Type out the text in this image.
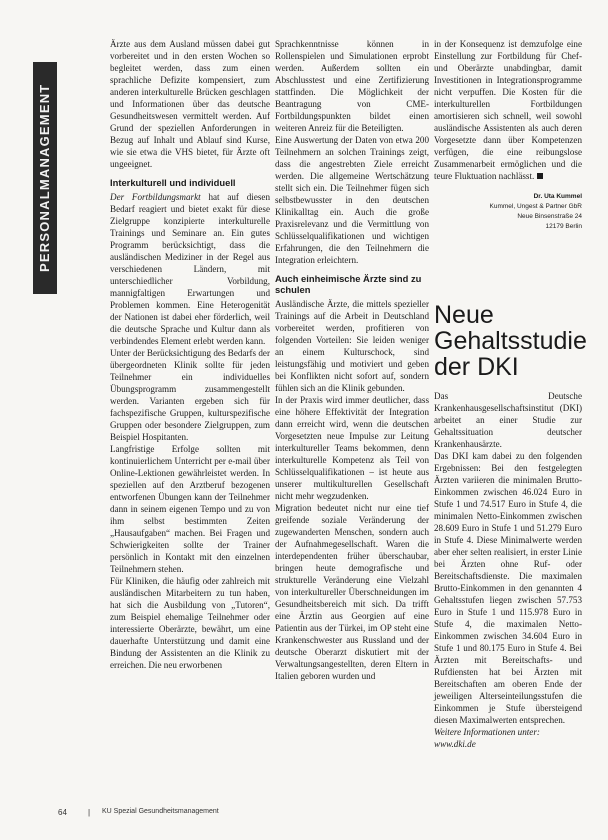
PERSONALMANAGEMENT

Ärzte aus dem Ausland müssen dabei gut vorbereitet und in den ersten Wochen so begleitet werden, dass zum einen sprachliche Defizite kompensiert, zum anderen interkulturelle Brücken geschlagen und Informationen über das deutsche Gesundheitswesen vermittelt werden. Auf Grund der speziellen Anforderungen in Bezug auf Inhalt und Ablauf sind Kurse, wie sie etwa die VHS bietet, für Ärzte oft ungeeignet.

Interkulturell und individuell

Der Fortbildungsmarkt hat auf diesen Bedarf reagiert und bietet exakt für diese Zielgruppe konzipierte interkulturelle Trainings und Seminare an. Ein gutes Programm berücksichtigt, dass die ausländischen Mediziner in der Regel aus verschiedenen Ländern, mit unterschiedlicher Vorbildung, mannigfaltigen Erwartungen und Problemen kommen. Eine Heterogenität der Nationen ist dabei eher förderlich, weil die deutsche Sprache und Kultur dann als verbindendes Element erlebt werden kann.

Unter der Berücksichtigung des Bedarfs der übergeordneten Klinik sollte für jeden Teilnehmer ein individuelles Übungsprogramm zusammengestellt werden. Varianten ergeben sich für fachspezifische Gruppen, kulturspezifische Gruppen oder besondere Zielgruppen, zum Beispiel Hospitanten.

Langfristige Erfolge sollten mit kontinuierlichem Unterricht per e-mail über Online-Lektionen gewährleistet werden. In speziellen auf den Arztberuf bezogenen entworfenen Übungen kann der Teilnehmer dann in seinem eigenen Tempo und zu von ihm selbst bestimmten Zeiten „Hausaufgaben“ machen. Bei Fragen und Schwierigkeiten sollte der Trainer persönlich in Kontakt mit den einzelnen Teilnehmern stehen.

Für Kliniken, die häufig oder zahlreich mit ausländischen Mitarbeitern zu tun haben, hat sich die Ausbildung von „Tutoren“, zum Beispiel ehemalige Teilnehmer oder interessierte Oberärzte, bewährt, um eine dauerhafte Unterstützung und damit eine Bindung der Assistenten an die Klinik zu erreichen. Die neu erworbenen

Sprachkenntnisse können in Rollenspielen und Simulationen erprobt werden. Außerdem sollten ein Abschlusstest und eine Zertifizierung stattfinden. Die Möglichkeit der Beantragung von CME-Fortbildungspunkten bildet einen weiteren Anreiz für die Beteiligten.

Eine Auswertung der Daten von etwa 200 Teilnehmern an solchen Trainings zeigt, dass die angestrebten Ziele erreicht werden. Die allgemeine Wertschätzung stellt sich ein. Die Teilnehmer fügen sich selbstbewusster in den deutschen Klinikalltag ein. Auch die große Praxisrelevanz und die Vermittlung von Schlüsselqualifikationen und wichtigen Erfahrungen, die den Teilnehmern die Integration erleichtern.

Auch einheimische Ärzte sind zu schulen

Ausländische Ärzte, die mittels spezieller Trainings auf die Arbeit in Deutschland vorbereitet werden, profitieren von folgenden Vorteilen: Sie leiden weniger an einem Kulturschock, sind leistungsfähig und motiviert und geben bei Konflikten nicht sofort auf, sondern fühlen sich an die Klinik gebunden.

In der Praxis wird immer deutlicher, dass eine höhere Effektivität der Integration dann erreicht wird, wenn die deutschen Vorgesetzten neue Impulse zur Leitung interkultureller Teams bekommen, denn interkulturelle Kompetenz als Teil von Schlüsselqualifikationen – ist heute aus unserer multikulturellen Gesellschaft nicht mehr wegzudenken.

Migration bedeutet nicht nur eine tief greifende soziale Veränderung der zugewanderten Menschen, sondern auch der Aufnahmegesellschaft. Waren die interdependenten früher überschaubar, bringen heute demografische und strukturelle Veränderung eine Vielzahl von interkultureller Überschneidungen im Gesundheitsbereich mit sich. Da trifft eine Ärztin aus Georgien auf eine Patientin aus der Türkei, im OP steht eine Krankenschwester aus Russland und der deutsche Oberarzt diskutiert mit der Verwaltungsangestellten, deren Eltern in Italien geboren wurden und

in der Konsequenz ist demzufolge eine Einstellung zur Fortbildung für Chef- und Oberärzte unabdingbar, damit Investitionen in Integrationsprogramme nicht verpuffen. Die Kosten für die interkulturellen Fortbildungen amortisieren sich schnell, weil sowohl ausländische Assistenten als auch deren Vorgesetzte dann über Kompetenzen verfügen, die eine reibungslose Zusammenarbeit ermöglichen und die teure Fluktuation nachlässt.

Dr. Uta Kummel
Kummel, Ungest & Partner GbR
Neue Binsenstraße 24
12179 Berlin
Neue Gehaltsstudie der DKI

Das Deutsche Krankenhausgesellschaftsinstitut (DKI) arbeitet an einer Studie zur Gehaltssituation deutscher Krankenhausärzte.

Das DKI kam dabei zu den folgenden Ergebnissen: Bei den festgelegten Ärzten variieren die minimalen Brutto-Einkommen zwischen 46.024 Euro in Stufe 1 und 74.517 Euro in Stufe 4, die minimalen Netto-Einkommen zwischen 28.609 Euro in Stufe 1 und 51.279 Euro in Stufe 4. Diese Minimalwerte werden aber eher selten realisiert, in erster Linie bei Ärzten ohne Ruf- oder Bereitschaftsdienste. Die maximalen Brutto-Einkommen in den genannten 4 Gehaltsstufen liegen zwischen 57.753 Euro in Stufe 1 und 115.978 Euro in Stufe 4, die maximalen Netto-Einkommen zwischen 34.604 Euro in Stufe 1 und 80.175 Euro in Stufe 4. Bei Ärzten mit Bereitschafts- und Rufdiensten hat bei Ärzten mit Bereitschaften am oberen Ende der jeweiligen Alterseinteilungsstufen die Einkommen je Stufe übersteigend diesen Maximalwerten entsprechen.

Weitere Informationen unter:

www.dki.de

64	| KU Spezial Gesundheitsmanagement
